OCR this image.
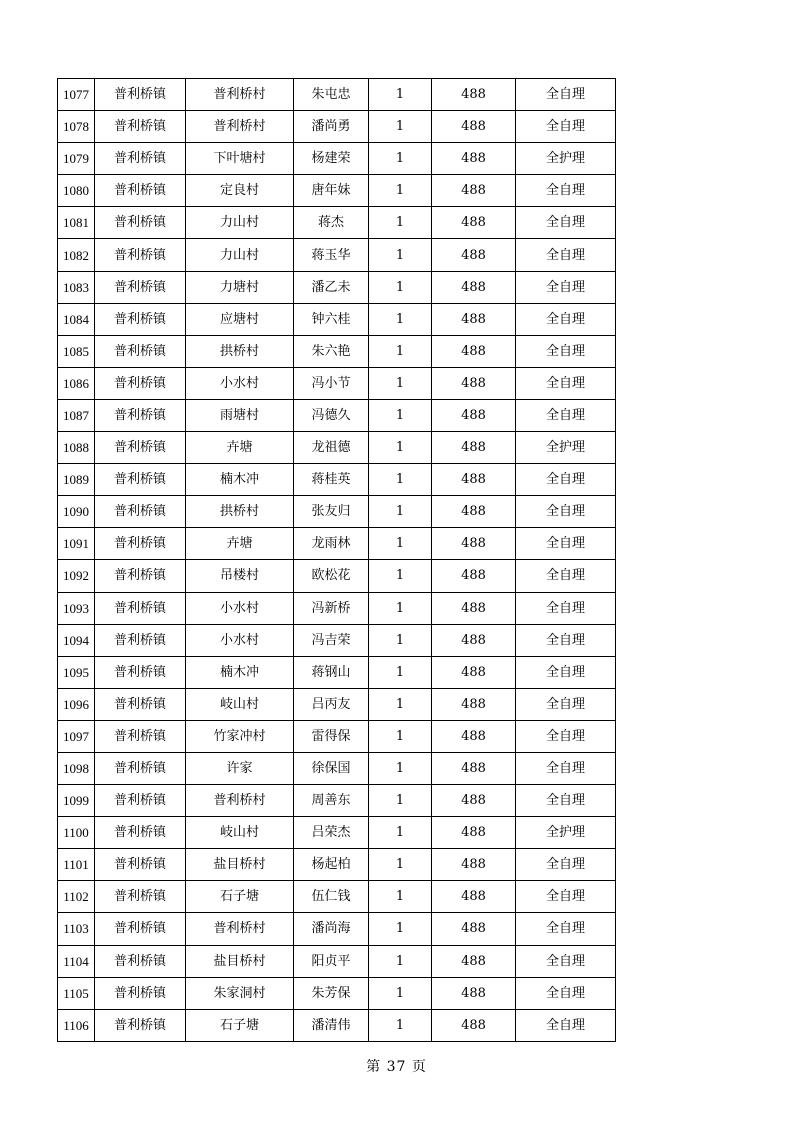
1077	普利桥镇	普利桥村	朱屯忠	1	488	全自理
1078	普利桥镇	普利桥村	潘尚勇	1	488	全自理
1079	普利桥镇	下叶塘村	杨建荣	1	488	全护理
1080	普利桥镇	定良村	唐年妹	1	488	全自理
1081	普利桥镇	力山村	蒋杰	1	488	全自理
1082	普利桥镇	力山村	蒋玉华	1	488	全自理
1083	普利桥镇	力塘村	潘乙未	1	488	全自理
1084	普利桥镇	应塘村	钟六桂	1	488	全自理
1085	普利桥镇	拱桥村	朱六艳	1	488	全自理
1086	普利桥镇	小水村	冯小节	1	488	全自理
1087	普利桥镇	雨塘村	冯德久	1	488	全自理
1088	普利桥镇	卉塘	龙祖德	1	488	全护理
1089	普利桥镇	楠木冲	蒋桂英	1	488	全自理
1090	普利桥镇	拱桥村	张友归	1	488	全自理
1091	普利桥镇	卉塘	龙雨林	1	488	全自理
1092	普利桥镇	吊楼村	欧松花	1	488	全自理
1093	普利桥镇	小水村	冯新桥	1	488	全自理
1094	普利桥镇	小水村	冯吉荣	1	488	全自理
1095	普利桥镇	楠木冲	蒋钢山	1	488	全自理
1096	普利桥镇	岐山村	吕丙友	1	488	全自理
1097	普利桥镇	竹家冲村	雷得保	1	488	全自理
1098	普利桥镇	许家	徐保国	1	488	全自理
1099	普利桥镇	普利桥村	周善东	1	488	全自理
1100	普利桥镇	岐山村	吕荣杰	1	488	全护理
1101	普利桥镇	盐目桥村	杨起柏	1	488	全自理
1102	普利桥镇	石子塘	伍仁钱	1	488	全自理
1103	普利桥镇	普利桥村	潘尚海	1	488	全自理
1104	普利桥镇	盐目桥村	阳贞平	1	488	全自理
1105	普利桥镇	朱家洞村	朱芳保	1	488	全自理
1106	普利桥镇	石子塘	潘清伟	1	488	全自理
第 37 页
